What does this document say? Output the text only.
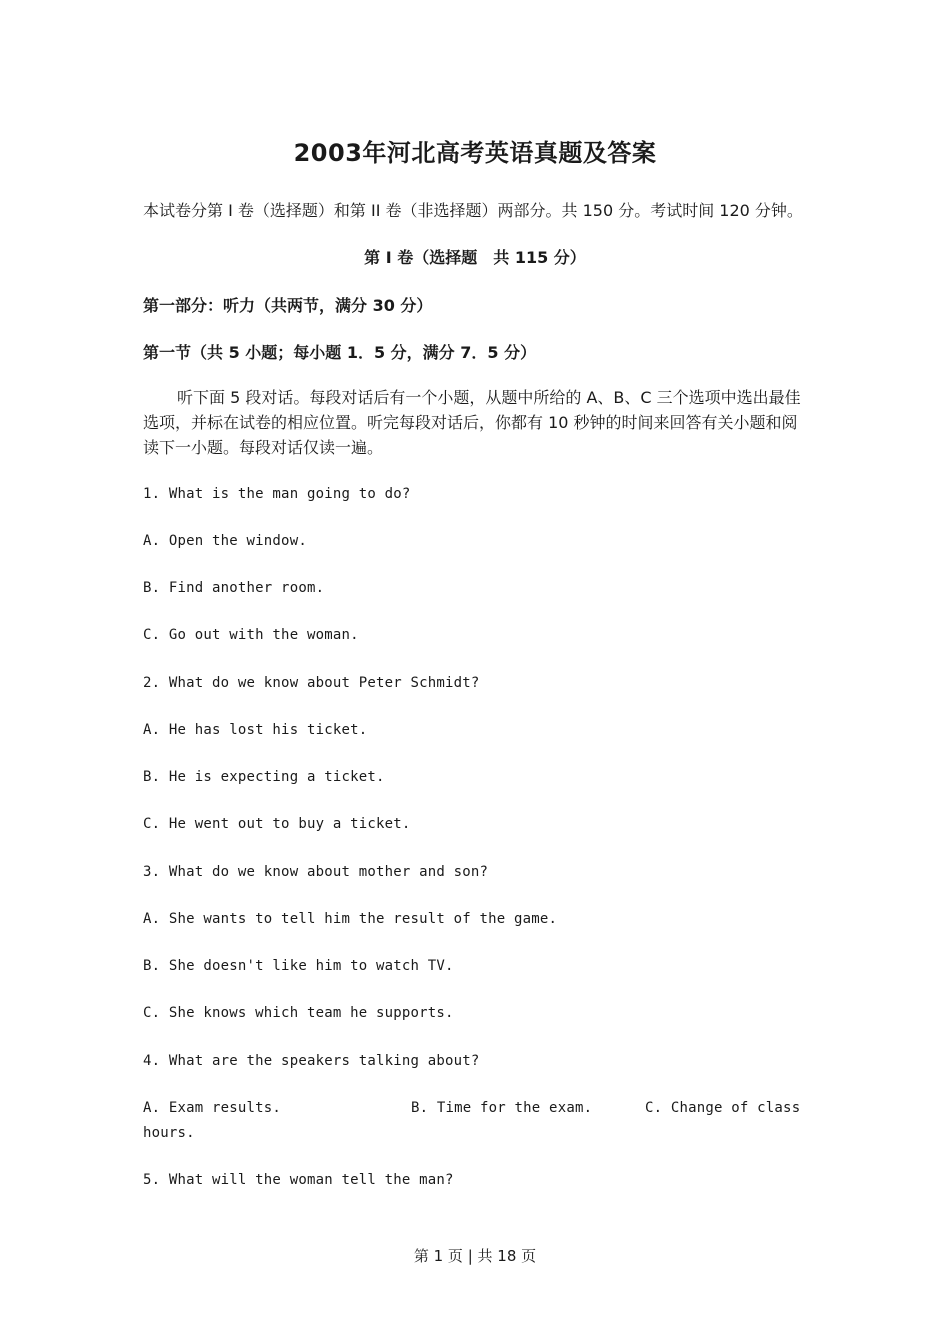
2003年河北高考英语真题及答案
本试卷分第 I 卷（选择题）和第 II 卷（非选择题）两部分。共 150 分。考试时间 120 分钟。
第 I 卷（选择题　共 115 分）
第一部分：听力（共两节，满分 30 分）
第一节（共 5 小题；每小题 1．5 分，满分 7．5 分）
听下面 5 段对话。每段对话后有一个小题，从题中所给的 A、B、C 三个选项中选出最佳选项，并标在试卷的相应位置。听完每段对话后，你都有 10 秒钟的时间来回答有关小题和阅读下一小题。每段对话仅读一遍。
1. What is the man going to do?
A. Open the window.
B. Find another room.
C. Go out with the woman.
2. What do we know about Peter Schmidt?
A. He has lost his ticket.
B. He is expecting a ticket.
C. He went out to buy a ticket.
3. What do we know about mother and son?
A. She wants to tell him the result of the game.
B. She doesn't like him to watch TV.
C. She knows which team he supports.
4. What are the speakers talking about?
A. Exam results.	B. Time for the exam.	C. Change of class
hours.
5. What will the woman tell the man?
第 1 页 | 共 18 页
